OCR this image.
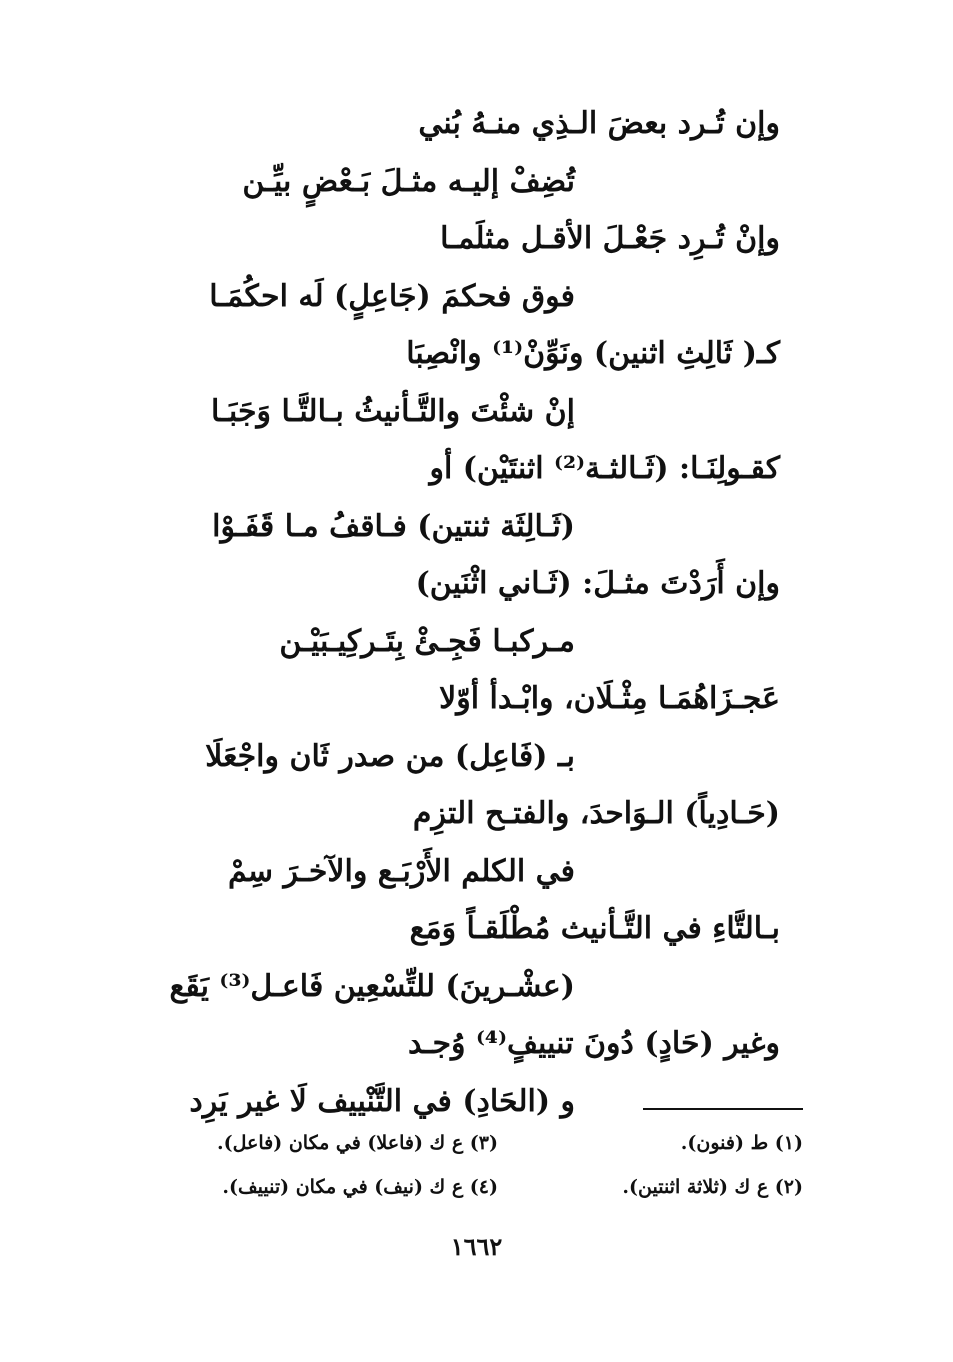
وإن تُـرد بعضَ الـذِي منـهُ بُني
تُضِفْ إليـه مثـلَ بَـعْضٍ بيِّـن
وإنْ تُـرِد جَعْـلَ الأقـل مثلَمـا
فوق فحكمَ (جَاعِلٍ) لَه احكُمَـا
كـ( ثَالِثِ اثنين) ونَوِّنْ⁽¹⁾ وانْصِبَا
إنْ شئْتَ والتَّـأنيثُ بـالتَّـا وَجَبَـا
كقـولِنَـا: (ثَـالثـة⁽²⁾ اثنتَيْن) أو
(ثَـالِثَة ثنتين) فـاقفُ مـا قَفَـوْا
وإن أَرَدْتَ مثـلَ: (ثَـاني اثْنَين)
مـركبـا فَجِـئْ بِتَـركِيـبَيْـن
عَجـزَاهُمَـا مِثْـلَان، وابْـدأ أوّلا
بـ (فَاعِل) من صدر ثَان واجْعَلَا
(حَـادِياً) الـوَاحدَ، والفتـح التزِم
في الكلم الأَرْبَـع والآخـرَ سِمْ
بـالتَّاءِ في التَّـأنيث مُطْلَقـاً وَمَع
(عشْـرينَ) للتِّسْعِين فَاعـل⁽³⁾ يَقَع
وغير (حَادٍ) دُونَ تنييفٍ⁽⁴⁾ وُجـد
و (الحَادِ) في التَّنْييف لَا غير يَرِد
(١) ط (فنون).
(٢) ع ك (ثلاثة اثنتين).
(٣) ع ك (فاعلا) في مكان (فاعل).
(٤) ع ك (نيف) في مكان (تنييف).
١٦٦٢
